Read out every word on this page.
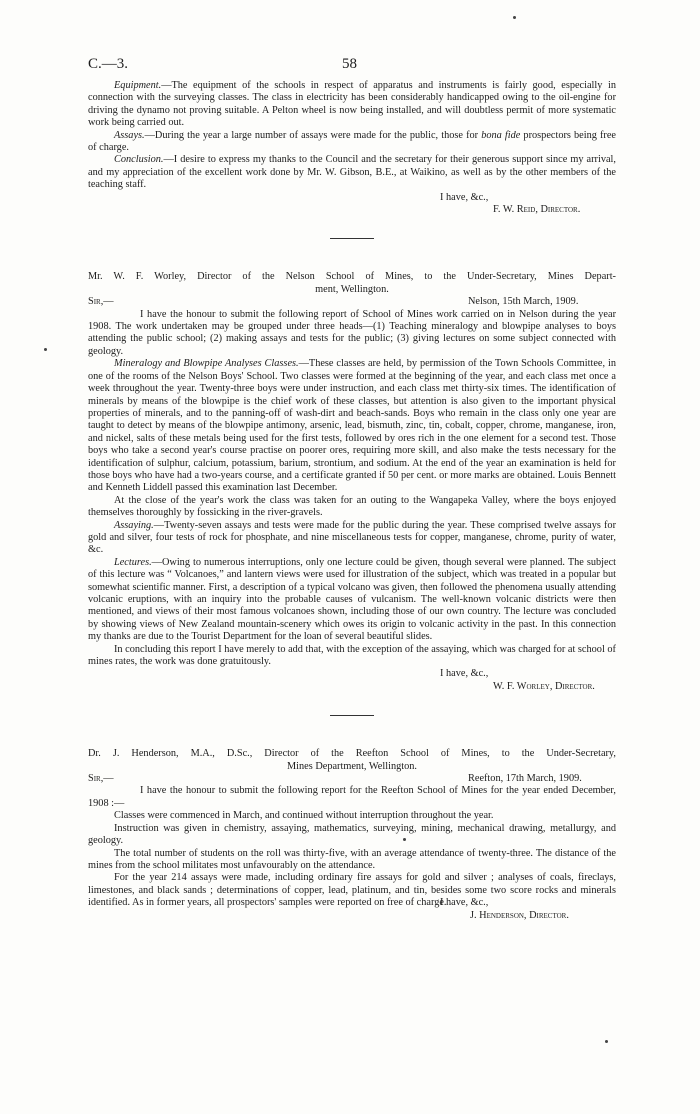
C.—3.	58

Equipment.—The equipment of the schools in respect of apparatus and instruments is fairly good, especially in connection with the surveying classes. The class in electricity has been considerably handicapped owing to the oil-engine for driving the dynamo not proving suitable. A Pelton wheel is now being installed, and will doubtless permit of more systematic work being carried out.

Assays.—During the year a large number of assays were made for the public, those for bona fide prospectors being free of charge.

Conclusion.—I desire to express my thanks to the Council and the secretary for their generous support since my arrival, and my appreciation of the excellent work done by Mr. W. Gibson, B.E., at Waikino, as well as by the other members of the teaching staff.

I have, &c.,

F. W. Reid, Director.

Mr. W. F. Worley, Director of the Nelson School of Mines, to the Under-Secretary, Mines Depart-
ment, Wellington.
Sir,—	Nelson, 15th March, 1909.

I have the honour to submit the following report of School of Mines work carried on in Nelson during the year 1908. The work undertaken may be grouped under three heads—(1) Teaching mineralogy and blowpipe analyses to boys attending the public school; (2) making assays and tests for the public; (3) giving lectures on some subject connected with geology.

Mineralogy and Blowpipe Analyses Classes.—These classes are held, by permission of the Town Schools Committee, in one of the rooms of the Nelson Boys' School. Two classes were formed at the beginning of the year, and each class met once a week throughout the year. Twenty-three boys were under instruction, and each class met thirty-six times. The identification of minerals by means of the blowpipe is the chief work of these classes, but attention is also given to the important physical properties of minerals, and to the panning-off of wash-dirt and beach-sands. Boys who remain in the class only one year are taught to detect by means of the blowpipe antimony, arsenic, lead, bismuth, zinc, tin, cobalt, copper, chrome, manganese, iron, and nickel, salts of these metals being used for the first tests, followed by ores rich in the one element for a second test. Those boys who take a second year's course practise on poorer ores, requiring more skill, and also make the tests necessary for the identification of sulphur, calcium, potassium, barium, strontium, and sodium. At the end of the year an examination is held for those boys who have had a two-years course, and a certificate granted if 50 per cent. or more marks are obtained. Louis Bennett and Kenneth Liddell passed this examination last December.

At the close of the year's work the class was taken for an outing to the Wangapeka Valley, where the boys enjoyed themselves thoroughly by fossicking in the river-gravels.

Assaying.—Twenty-seven assays and tests were made for the public during the year. These comprised twelve assays for gold and silver, four tests of rock for phosphate, and nine miscellaneous tests for copper, manganese, chrome, purity of water, &c.

Lectures.—Owing to numerous interruptions, only one lecture could be given, though several were planned. The subject of this lecture was “ Volcanoes,” and lantern views were used for illustration of the subject, which was treated in a popular but somewhat scientific manner. First, a description of a typical volcano was given, then followed the phenomena usually attending volcanic eruptions, with an inquiry into the probable causes of vulcanism. The well-known volcanic districts were then mentioned, and views of their most famous volcanoes shown, including those of our own country. The lecture was concluded by showing views of New Zealand mountain-scenery which owes its origin to volcanic activity in the past. In this connection my thanks are due to the Tourist Department for the loan of several beautiful slides.

In concluding this report I have merely to add that, with the exception of the assaying, which was charged for at school of mines rates, the work was done gratuitously.

I have, &c.,

W. F. Worley, Director.

Dr. J. Henderson, M.A., D.Sc., Director of the Reefton School of Mines, to the Under-Secretary,
Mines Department, Wellington.
Sir,—	Reefton, 17th March, 1909.

I have the honour to submit the following report for the Reefton School of Mines for the year ended December, 1908 :—

Classes were commenced in March, and continued without interruption throughout the year.

Instruction was given in chemistry, assaying, mathematics, surveying, mining, mechanical drawing, metallurgy, and geology.

The total number of students on the roll was thirty-five, with an average attendance of twenty-three. The distance of the mines from the school militates most unfavourably on the attendance.

For the year 214 assays were made, including ordinary fire assays for gold and silver ; analyses of coals, fireclays, limestones, and black sands ; determinations of copper, lead, platinum, and tin, besides some two score rocks and minerals identified. As in former years, all prospectors' samples were reported on free of charge.

I have, &c.,

J. Henderson, Director.
